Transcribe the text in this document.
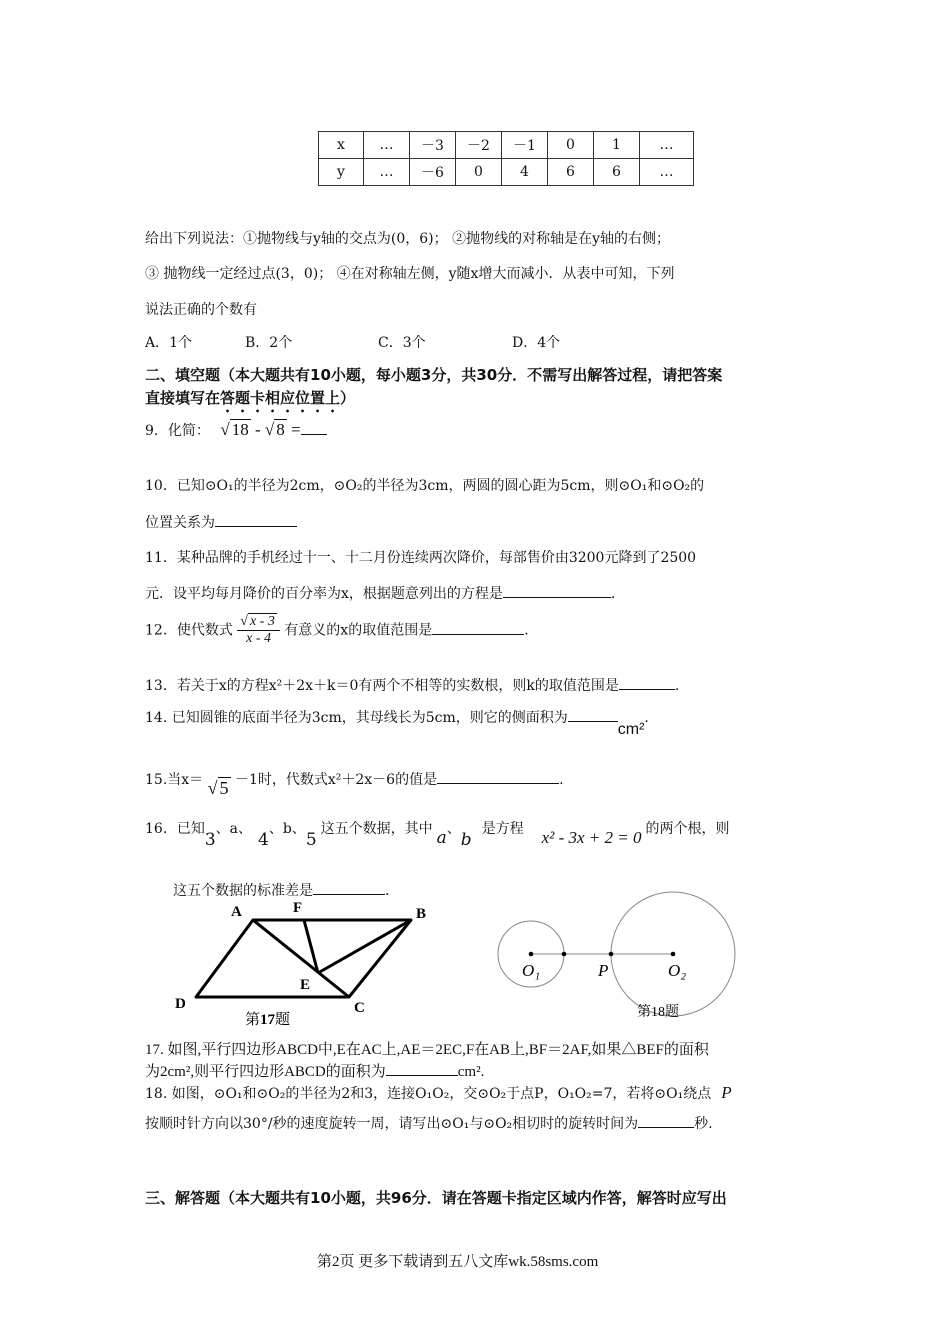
x	…	－3	－2	－1	0	1	…
y	…	－6	0	4	6	6	…
给出下列说法：①抛物线与y轴的交点为(0，6)； ②抛物线的对称轴是在y轴的右侧；
③ 抛物线一定经过点(3，0)； ④在对称轴左侧，y随x增大而减小．从表中可知，下列
说法正确的个数有
A．1个	B．2个	C．3个	D．4个
二、填空题（本大题共有10小题，每小题3分，共30分．不需写出解答过程，请把答案
直接填写在答题卡相应位置上）
9．化简： √ 18 - √ 8 =
10．已知⊙O₁的半径为2cm，⊙O₂的半径为3cm，两圆的圆心距为5cm，则⊙O₁和⊙O₂的
位置关系为
11．某种品牌的手机经过十一、十二月份连续两次降价，每部售价由3200元降到了2500
元．设平均每月降价的百分率为x，根据题意列出的方程是	.
12．使代数式 $\frac{√ x - 3}{x - 4}$ 有意义的x的取值范围是	.
13．若关于x的方程x²＋2x＋k＝0有两个不相等的实数根，则k的取值范围是	.
14. 已知圆锥的底面半径为3cm，其母线长为5cm，则它的侧面积为cm².
15.当x＝ √ 5 －1时，代数式x²＋2x－6的值是	.
16．已知3、a、4、b、5这五个数据，其中 a、b是方程 x² - 3x + 2 = 0 的两个根，则
这五个数据的标准差是	.
A	F	B
E
D	C
第17题
O₁	P	O₂
第18题
17. 如图,平行四边形ABCD中,E在AC上,AE＝2EC,F在AB上,BF＝2AF,如果△BEF的面积
为2cm²,则平行四边形ABCD的面积为	cm².
18. 如图，⊙O₁和⊙O₂的半径为2和3，连接O₁O₂，交⊙O₂于点P，O₁O₂=7，若将⊙O₁绕点 P
按顺时针方向以30°/秒的速度旋转一周，请写出⊙O₁与⊙O₂相切时的旋转时间为	秒.
三、解答题（本大题共有10小题，共96分．请在答题卡指定区域内作答，解答时应写出
第2页 更多下载请到五八文库wk.58sms.com
